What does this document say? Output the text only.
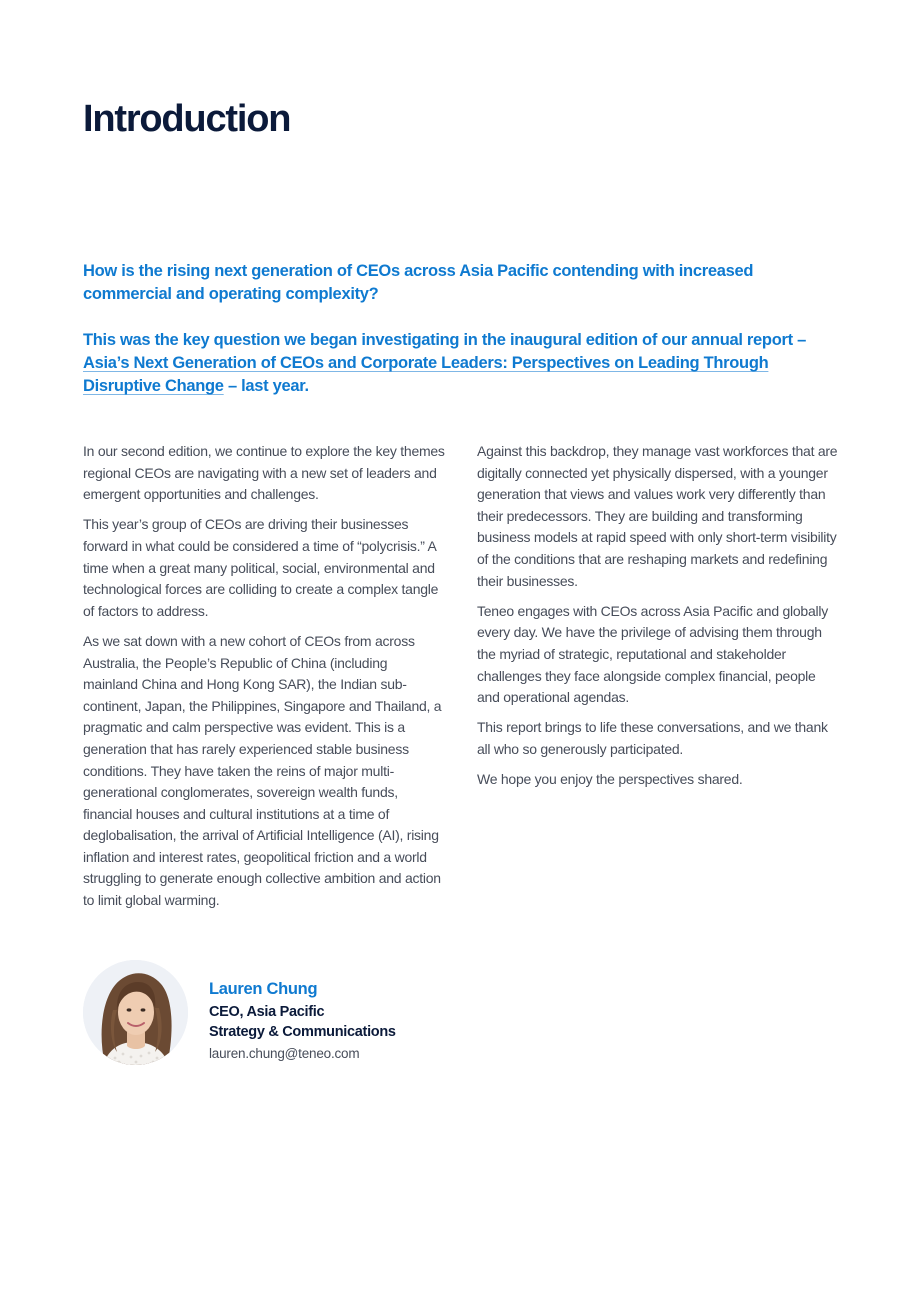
Introduction

How is the rising next generation of CEOs across Asia Pacific contending with increased commercial and operating complexity?

This was the key question we began investigating in the inaugural edition of our annual report – Asia’s Next Generation of CEOs and Corporate Leaders: Perspectives on Leading Through Disruptive Change – last year.

In our second edition, we continue to explore the key themes regional CEOs are navigating with a new set of leaders and emergent opportunities and challenges.

This year’s group of CEOs are driving their businesses forward in what could be considered a time of “polycrisis.” A time when a great many political, social, environmental and technological forces are colliding to create a complex tangle of factors to address.

As we sat down with a new cohort of CEOs from across Australia, the People’s Republic of China (including mainland China and Hong Kong SAR), the Indian sub-continent, Japan, the Philippines, Singapore and Thailand, a pragmatic and calm perspective was evident. This is a generation that has rarely experienced stable business conditions. They have taken the reins of major multi-generational conglomerates, sovereign wealth funds, financial houses and cultural institutions at a time of deglobalisation, the arrival of Artificial Intelligence (AI), rising inflation and interest rates, geopolitical friction and a world struggling to generate enough collective ambition and action to limit global warming.

Against this backdrop, they manage vast workforces that are digitally connected yet physically dispersed, with a younger generation that views and values work very differently than their predecessors. They are building and transforming business models at rapid speed with only short-term visibility of the conditions that are reshaping markets and redefining their businesses.

Teneo engages with CEOs across Asia Pacific and globally every day. We have the privilege of advising them through the myriad of strategic, reputational and stakeholder challenges they face alongside complex financial, people and operational agendas.

This report brings to life these conversations, and we thank all who so generously participated.

We hope you enjoy the perspectives shared.

Lauren Chung
CEO, Asia Pacific
Strategy & Communications
lauren.chung@teneo.com
